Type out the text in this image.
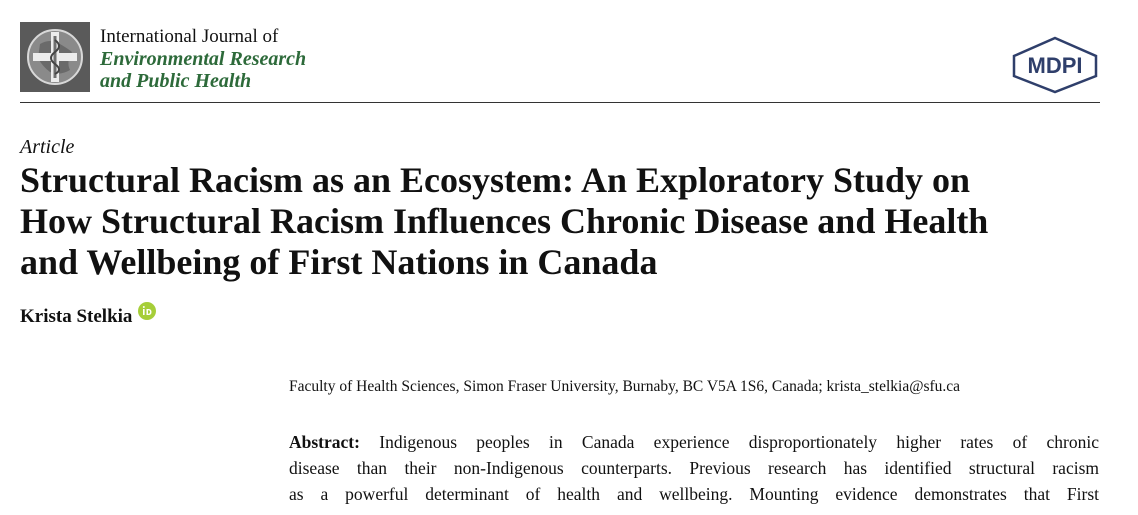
International Journal of
Environmental Research
and Public Health
MDPI
Article
Structural Racism as an Ecosystem: An Exploratory Study on
How Structural Racism Influences Chronic Disease and Health
and Wellbeing of First Nations in Canada
Krista Stelkia
Faculty of Health Sciences, Simon Fraser University, Burnaby, BC V5A 1S6, Canada; krista_stelkia@sfu.ca
Abstract: Indigenous peoples in Canada experience disproportionately higher rates of chronic
disease than their non-Indigenous counterparts. Previous research has identified structural racism
as a powerful determinant of health and wellbeing. Mounting evidence demonstrates that First
